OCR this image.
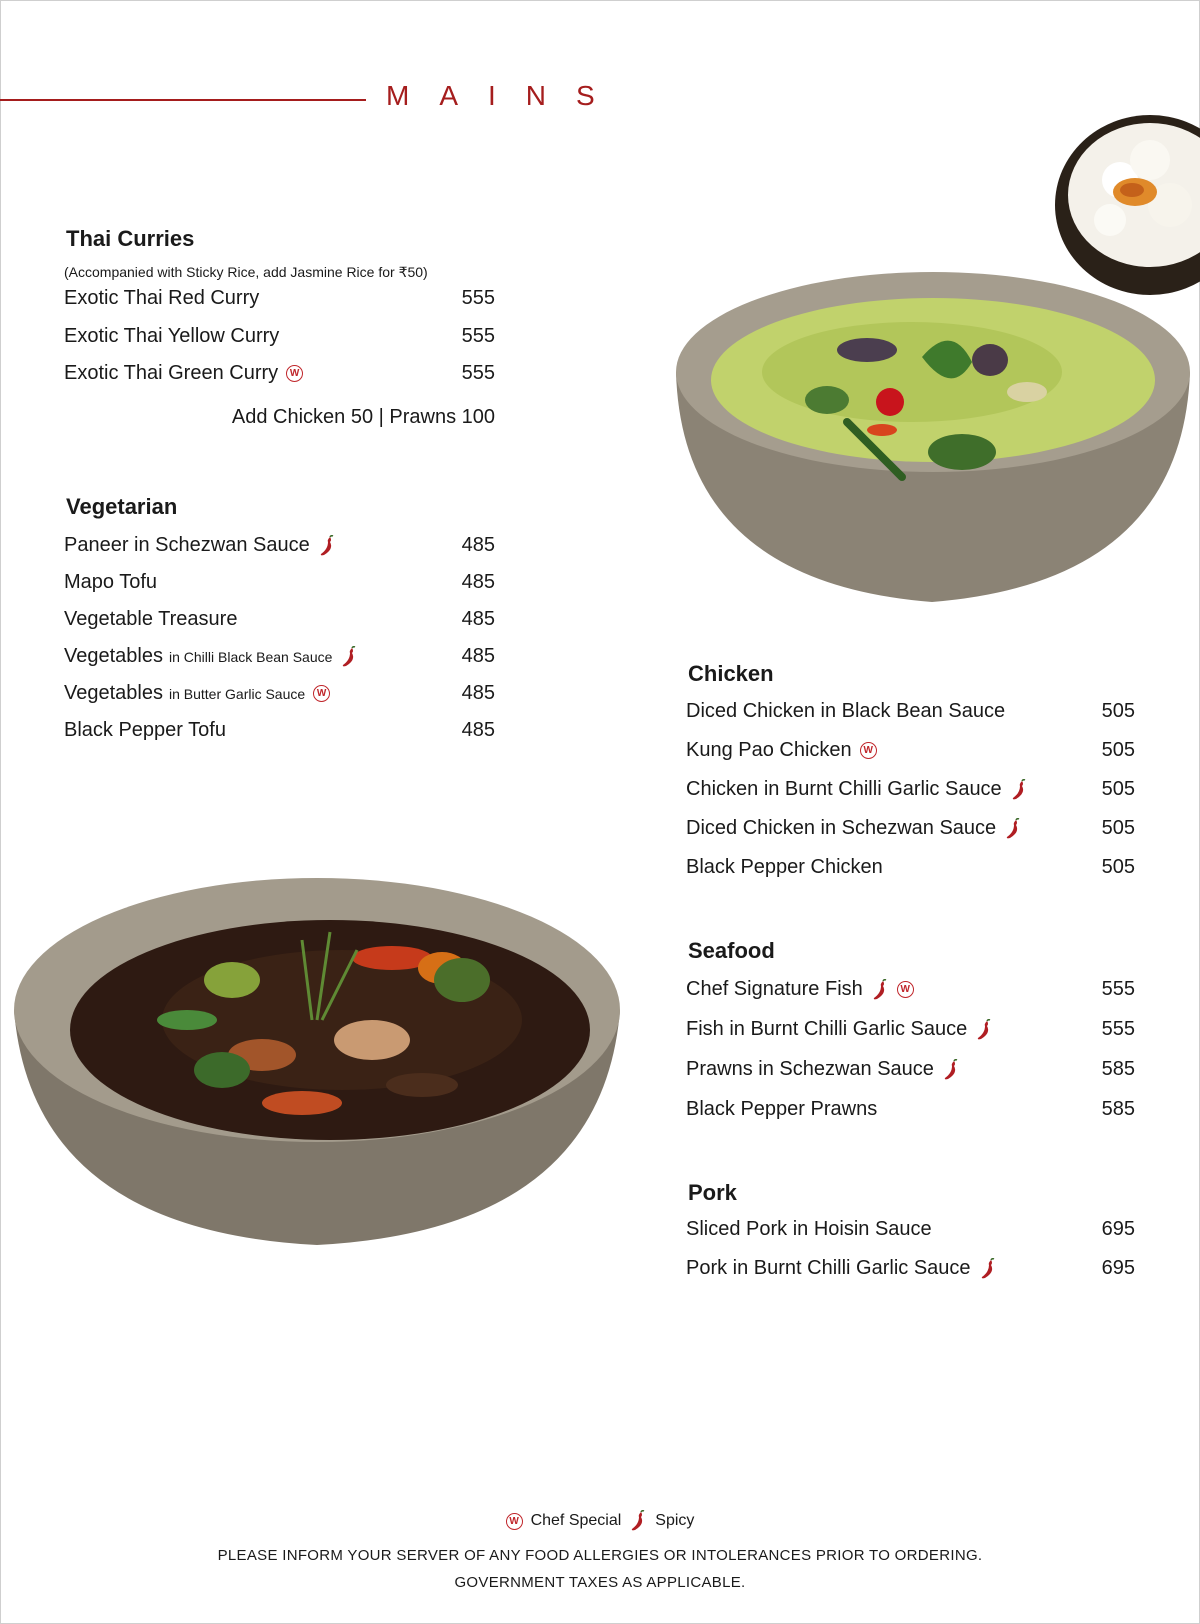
MAINS
Thai Curries
(Accompanied with Sticky Rice, add Jasmine Rice for ₹50)
Add Chicken 50 | Prawns 100
Exotic Thai Red Curry	555
Exotic Thai Yellow Curry	555
Exotic Thai Green Curry	W	555
Vegetarian
Paneer in Schezwan Sauce	485
Mapo Tofu	485
Vegetable Treasure	485
Vegetables in Chilli Black Bean Sauce	485
Vegetables in Butter Garlic Sauce	W	485
Black Pepper Tofu	485
Chicken
Diced Chicken in Black Bean Sauce	505
Kung Pao Chicken	W	505
Chicken in Burnt Chilli Garlic Sauce	505
Diced Chicken in Schezwan Sauce	505
Black Pepper Chicken	505
Seafood
Chef Signature Fish	W	555
Fish in Burnt Chilli Garlic Sauce	555
Prawns in Schezwan Sauce	585
Black Pepper Prawns	585
Pork
Sliced Pork in Hoisin Sauce	695
Pork in Burnt Chilli Garlic Sauce	695
W Chef Special Spicy
PLEASE INFORM YOUR SERVER OF ANY FOOD ALLERGIES OR INTOLERANCES PRIOR TO ORDERING.
GOVERNMENT TAXES AS APPLICABLE.
